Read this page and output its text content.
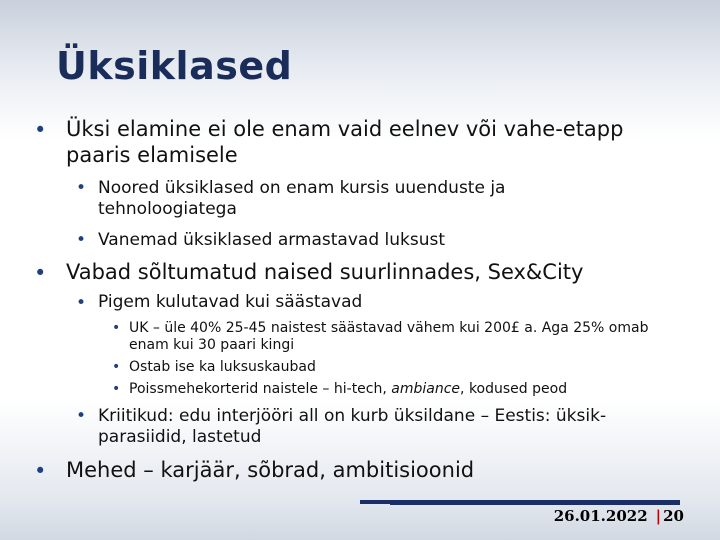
Üksiklased
• Üksi elamine ei ole enam vaid eelnev või vahe-etapp paaris elamisele
• Noored üksiklased on enam kursis uuenduste ja tehnoloogiatega
• Vanemad üksiklased armastavad luksust
• Vabad sõltumatud naised suurlinnades, Sex&City
• Pigem kulutavad kui säästavad
• UK – üle 40% 25-45 naistest säästavad vähem kui 200£ a. Aga 25% omab enam kui 30 paari kingi
• Ostab ise ka luksuskaubad
• Poissmehekorterid naistele – hi-tech, ambiance, kodused peod
• Kriitikud: edu interjööri all on kurb üksildane – Eestis: üksik-parasiidid, lastetud
• Mehed – karjäär, sõbrad, ambitisioonid
26.01.2022 | 20
